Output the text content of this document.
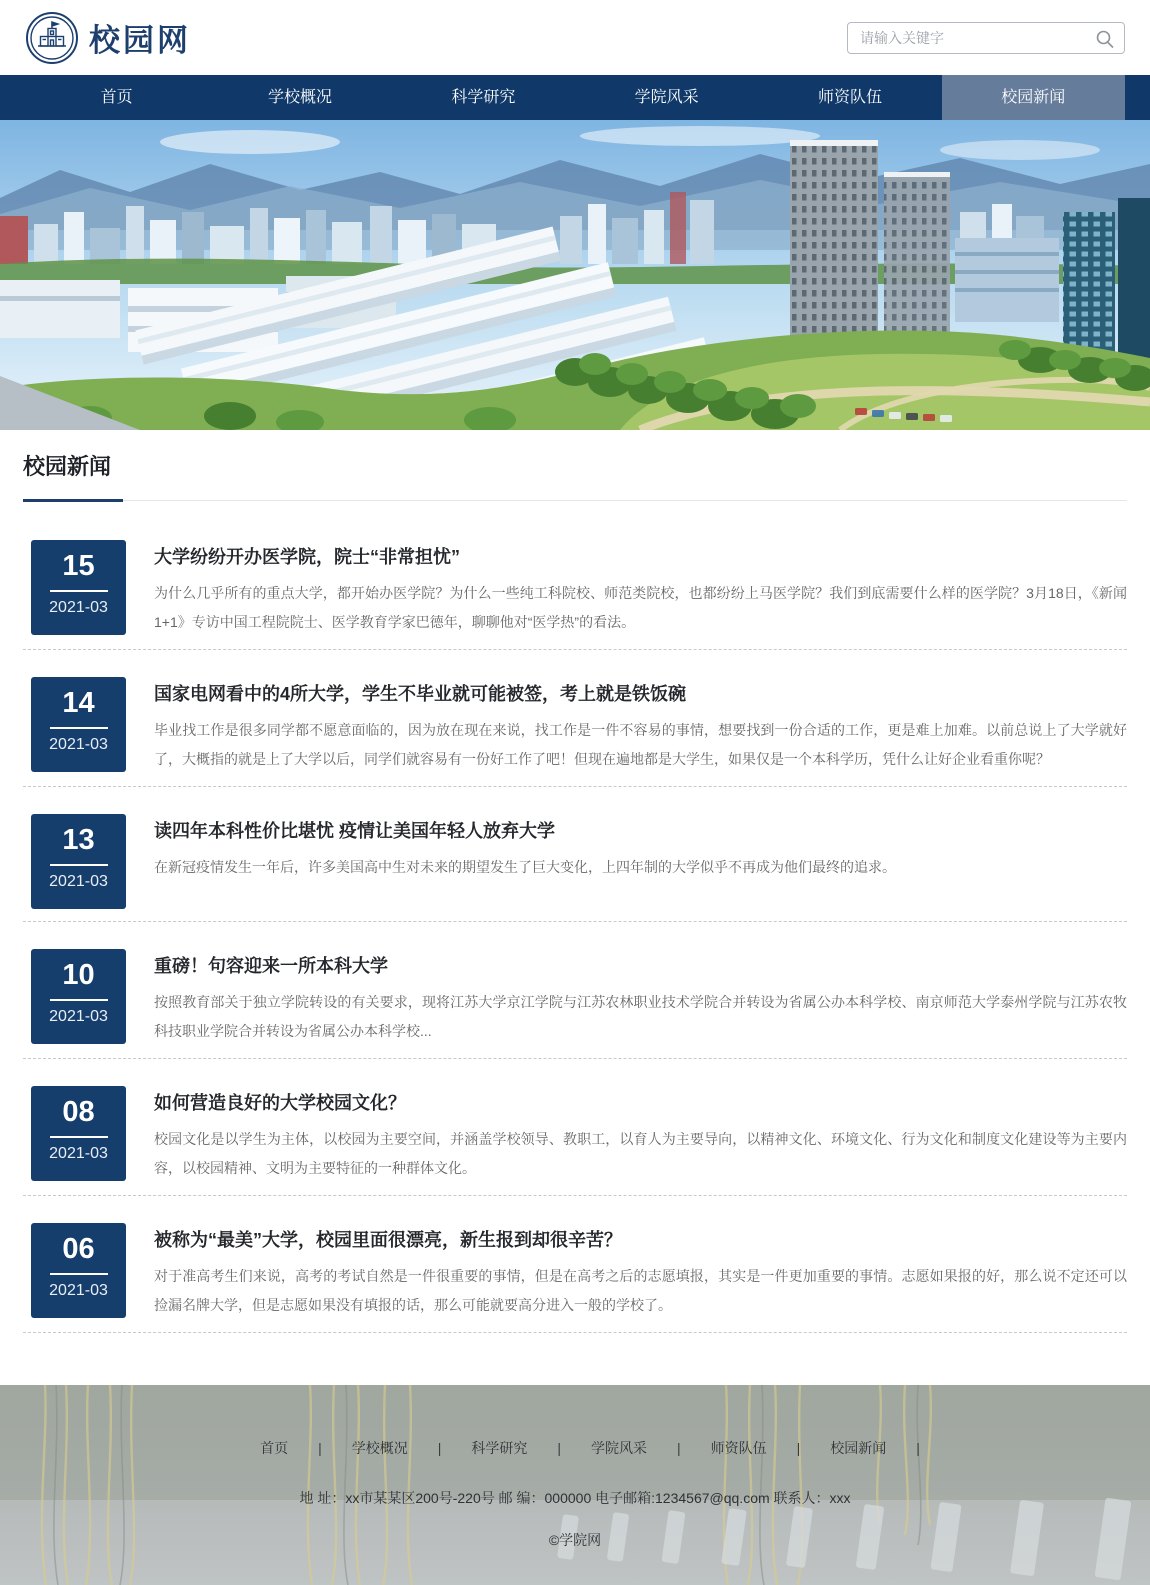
校园网
请输入关键字
首页	学校概况	科学研究	学院风采	师资队伍	校园新闻
校园新闻
15
2021-03
大学纷纷开办医学院，院士“非常担忧”

为什么几乎所有的重点大学，都开始办医学院？为什么一些纯工科院校、师范类院校，也都纷纷上马医学院？我们到底需要什么样的医学院？3月18日，《新闻1+1》专访中国工程院院士、医学教育学家巴德年，聊聊他对“医学热”的看法。

14
2021-03
国家电网看中的4所大学，学生不毕业就可能被签，考上就是铁饭碗

毕业找工作是很多同学都不愿意面临的，因为放在现在来说，找工作是一件不容易的事情，想要找到一份合适的工作，更是难上加难。以前总说上了大学就好了，大概指的就是上了大学以后，同学们就容易有一份好工作了吧！但现在遍地都是大学生，如果仅是一个本科学历，凭什么让好企业看重你呢？

13
2021-03
读四年本科性价比堪忧 疫情让美国年轻人放弃大学

在新冠疫情发生一年后，许多美国高中生对未来的期望发生了巨大变化，上四年制的大学似乎不再成为他们最终的追求。

10
2021-03
重磅！句容迎来一所本科大学

按照教育部关于独立学院转设的有关要求，现将江苏大学京江学院与江苏农林职业技术学院合并转设为省属公办本科学校、南京师范大学泰州学院与江苏农牧科技职业学院合并转设为省属公办本科学校...

08
2021-03
如何营造良好的大学校园文化？

校园文化是以学生为主体，以校园为主要空间，并涵盖学校领导、教职工，以育人为主要导向，以精神文化、环境文化、行为文化和制度文化建设等为主要内容，以校园精神、文明为主要特征的一种群体文化。

06
2021-03
被称为“最美”大学，校园里面很漂亮，新生报到却很辛苦？

对于准高考生们来说，高考的考试自然是一件很重要的事情，但是在高考之后的志愿填报，其实是一件更加重要的事情。志愿如果报的好，那么说不定还可以捡漏名牌大学，但是志愿如果没有填报的话，那么可能就要高分进入一般的学校了。

首页 | 学校概况 | 科学研究 | 学院风采 | 师资队伍 | 校园新闻 |
地 址：xx市某某区200号-220号 邮 编：000000 电子邮箱:1234567@qq.com 联系人：xxx
©学院网
